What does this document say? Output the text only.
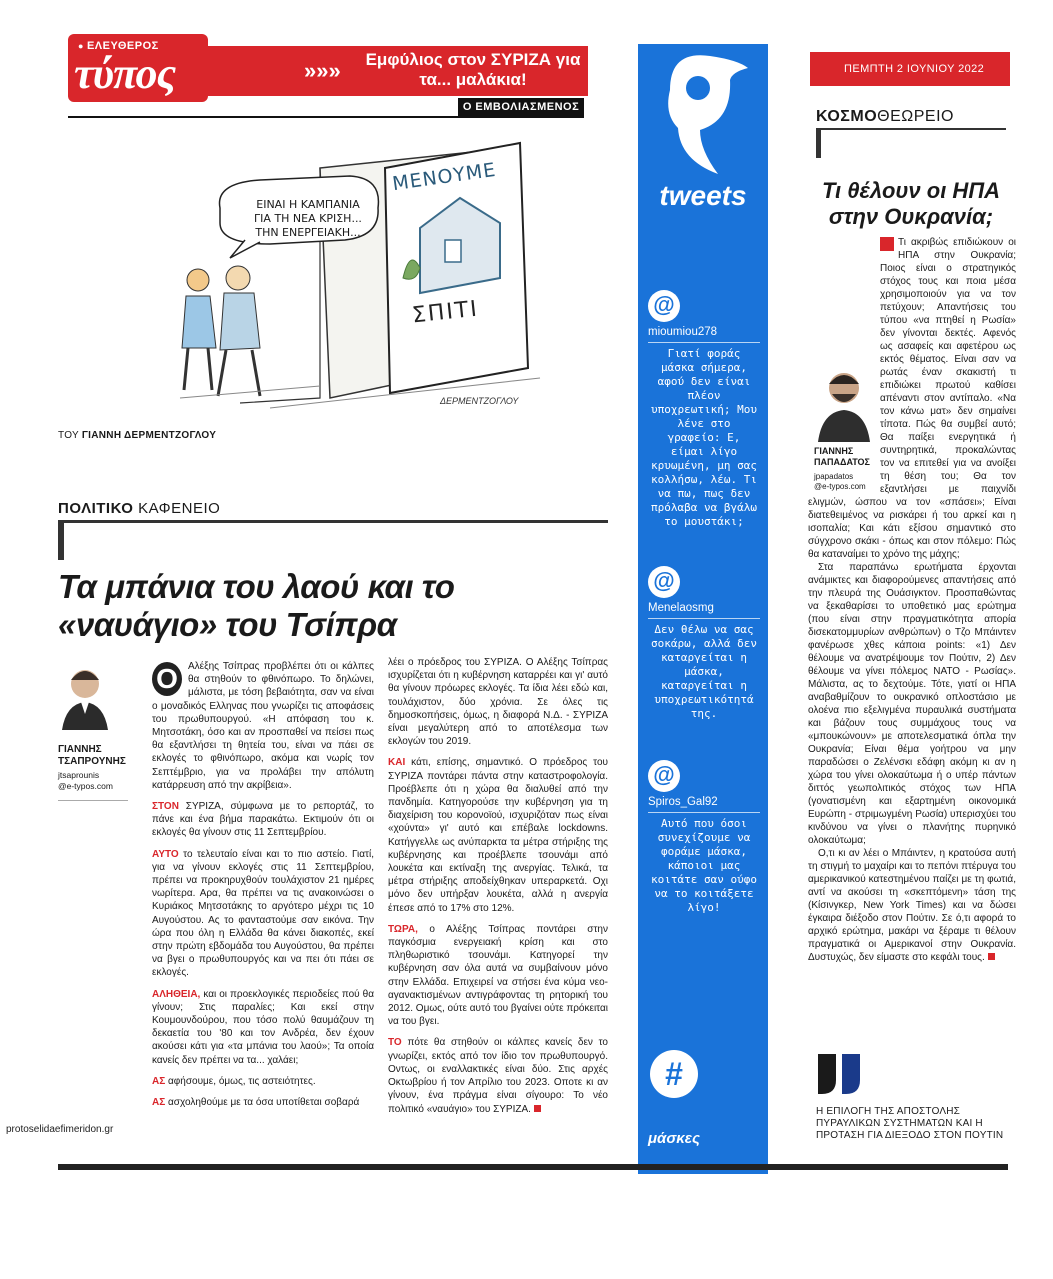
● ΕΛΕΥΘΕΡΟΣ
τύπος	»»»	Εμφύλιος στον ΣΥΡΙΖΑ για τα... μαλάκια!
Ο ΕΜΒΟΛΙΑΣΜΕΝΟΣ
ΕΙΝΑΙ Η ΚΑΜΠΑΝΙΑ
ΓΙΑ ΤΗ ΝΕΑ ΚΡΙΣΗ...
ΤΗΝ ΕΝΕΡΓΕΙΑΚΗ...
ΜΕΝΟΥΜΕ
ΣΠΙΤΙ
ΔΕΡΜΕΝΤΖΟΓΛΟΥ
ΤΟΥ ΓΙΑΝΝΗ ΔΕΡΜΕΝΤΖΟΓΛΟΥ
ΠΟΛΙΤΙΚΟ ΚΑΦΕΝΕΙΟ
Τα μπάνια του λαού και το «ναυάγιο» του Τσίπρα
ΓΙΑΝΝΗΣ
ΤΣΑΠΡΟΥΝΗΣ
jtsaprounis
@e-typos.com

Ο	Αλέξης Τσίπρας προβλέπει ότι οι κάλπες θα στηθούν το φθινόπωρο. Το δηλώνει, μάλιστα, με τόση βεβαιότητα, σαν να είναι ο μοναδικός Ελληνας που γνωρίζει τις αποφάσεις του πρωθυπουργού. «Η απόφαση του κ. Μητσοτάκη, όσο και αν προσπαθεί να πείσει πως θα εξαντλήσει τη θητεία του, είναι να πάει σε εκλογές το φθινόπωρο, ακόμα και νωρίς τον Σεπτέμβριο, για να προλάβει την απόλυτη κατάρρευση από την ακρίβεια».

ΣΤΟΝ ΣΥΡΙΖΑ, σύμφωνα με το ρεπορτάζ, το πάνε και ένα βήμα παρακάτω. Εκτιμούν ότι οι εκλογές θα γίνουν στις 11 Σεπτεμβρίου.

ΑΥΤΟ το τελευταίο είναι και το πιο αστείο. Γιατί, για να γίνουν εκλογές στις 11 Σεπτεμβρίου, πρέπει να προκηρυχθούν τουλάχιστον 21 ημέρες νωρίτερα. Αρα, θα πρέπει να τις ανακοινώσει ο Κυριάκος Μητσοτάκης το αργότερο μέχρι τις 10 Αυγούστου. Ας το φανταστούμε σαν εικόνα. Την ώρα που όλη η Ελλάδα θα κάνει διακοπές, εκεί στην πρώτη εβδομάδα του Αυγούστου, θα πρέπει να βγει ο πρωθυπουργός και να πει ότι πάει σε εκλογές.

ΑΛΗΘΕΙΑ, και οι προεκλογικές περιοδείες πού θα γίνουν; Στις παραλίες; Και εκεί στην Κουμουνδούρου, που τόσο πολύ θαυμάζουν τη δεκαετία του '80 και τον Ανδρέα, δεν έχουν ακούσει κάτι για «τα μπάνια του λαού»; Τα οποία κανείς δεν πρέπει να τα... χαλάει;

ΑΣ αφήσουμε, όμως, τις αστειότητες.

ΑΣ ασχοληθούμε με τα όσα υποτίθεται σοβαρά

λέει ο πρόεδρος του ΣΥΡΙΖΑ. Ο Αλέξης Τσίπρας ισχυρίζεται ότι η κυβέρνηση καταρρέει και γι' αυτό θα γίνουν πρόωρες εκλογές. Τα ίδια λέει εδώ και, τουλάχιστον, δύο χρόνια. Σε όλες τις δημοσκοπήσεις, όμως, η διαφορά Ν.Δ. - ΣΥΡΙΖΑ είναι μεγαλύτερη από το αποτέλεσμα των εκλογών του 2019.

ΚΑΙ κάτι, επίσης, σημαντικό. Ο πρόεδρος του ΣΥΡΙΖΑ ποντάρει πάντα στην καταστροφολογία. Προέβλεπε ότι η χώρα θα διαλυθεί από την πανδημία. Κατηγορούσε την κυβέρνηση για τη διαχείριση του κορονοϊού, ισχυριζόταν πως είναι «χούντα» γι' αυτό και επέβαλε lockdowns. Κατήγγελλε ως ανύπαρκτα τα μέτρα στήριξης της κυβέρνησης και προέβλεπε τσουνάμι από λουκέτα και εκτίναξη της ανεργίας. Τελικά, τα μέτρα στήριξης αποδείχθηκαν υπεραρκετά. Οχι μόνο δεν υπήρξαν λουκέτα, αλλά η ανεργία έπεσε από το 17% στο 12%.

ΤΩΡΑ, ο Αλέξης Τσίπρας ποντάρει στην παγκόσμια ενεργειακή κρίση και στο πληθωριστικό τσουνάμι. Κατηγορεί την κυβέρνηση σαν όλα αυτά να συμβαίνουν μόνο στην Ελλάδα. Επιχειρεί να στήσει ένα κύμα νεο-αγανακτισμένων αντιγράφοντας τη ρητορική του 2012. Ομως, ούτε αυτό του βγαίνει ούτε πρόκειται να του βγει.

ΤΟ πότε θα στηθούν οι κάλπες κανείς δεν το γνωρίζει, εκτός από τον ίδιο τον πρωθυπουργό. Οντως, οι εναλλακτικές είναι δύο. Στις αρχές Οκτωβρίου ή τον Απρίλιο του 2023. Οποτε κι αν γίνουν, ένα πράγμα είναι σίγουρο: Το νέο πολιτικό «ναυάγιο» του ΣΥΡΙΖΑ.

tweets
@
mioumiou278
Γιατί φοράς μάσκα σήμερα, αφού δεν είναι πλέον υποχρεωτική; Μου λένε στο γραφείο: Ε, είμαι λίγο κρυωμένη, μη σας κολλήσω, λέω. Τι να πω, πως δεν πρόλαβα να βγάλω το μουστάκι;
@
Menelaosmg
Δεν θέλω να σας σοκάρω, αλλά δεν καταργείται η μάσκα, καταργείται η υποχρεωτικότητά της.
@
Spiros_Gal92
Αυτό που όσοι συνεχίζουμε να φοράμε μάσκα, κάποιοι μας κοιτάτε σαν ούφο να το κοιτάξετε λίγο!
#
μάσκες
ΠΕΜΠΤΗ 2 ΙΟΥΝΙΟΥ 2022
ΚΟΣΜΟΘΕΩΡΕΙΟ
Τι θέλουν οι ΗΠΑ στην Ουκρανία;
ΓΙΑΝΝΗΣ
ΠΑΠΑΔΑΤΟΣ
jpapadatos
@e-typos.com

Τι ακριβώς επιδιώκουν οι ΗΠΑ στην Ουκρανία; Ποιος είναι ο στρατηγικός στόχος τους και ποια μέσα χρησιμοποιούν για να τον πετύχουν; Απαντήσεις του τύπου «να πτηθεί η Ρωσία» δεν γίνονται δεκτές. Αφενός ως ασαφείς και αφετέρου ως εκτός θέματος. Είναι σαν να ρωτάς έναν σκακιστή τι επιδιώκει πρωτού καθίσει απέναντι στον αντίπαλο. «Να τον κάνω ματ» δεν σημαίνει τίποτα. Πώς θα συμβεί αυτό; Θα παίξει ενεργητικά ή συντηρητικά, προκαλώντας τον να επιτεθεί για να ανοίξει τη θέση του; Θα τον εξαντλήσει με παιχνίδι ελιγμών, ώσπου να τον «σπάσει»; Είναι διατεθειμένος να ρισκάρει ή του αρκεί και η ισοπαλία; Και κάτι εξίσου σημαντικό στο σύγχρονο σκάκι - όπως και στον πόλεμο: Πώς θα καταναίμει το χρόνο της μάχης;

Στα παραπάνω ερωτήματα έρχονται ανάμικτες και διαφορούμενες απαντήσεις από την πλευρά της Ουάσιγκτον. Προσπαθώντας να ξεκαθαρίσει το υποθετικό μας ερώτημα (που είναι στην πραγματικότητα απορία δισεκατομμυρίων ανθρώπων) ο Τζο Μπάιντεν φανέρωσε χθες κάποια points: «1) Δεν θέλουμε να ανατρέψουμε τον Πούτιν, 2) Δεν θέλουμε να γίνει πόλεμος ΝΑΤΟ - Ρωσίας». Μάλιστα, ας το δεχτούμε. Τότε, γιατί οι ΗΠΑ αναβαθμίζουν το ουκρανικό οπλοστάσιο με ολοένα πιο εξελιγμένα πυραυλικά συστήματα και βάζουν τους συμμάχους τους να «μπουκώνουν» με αποτελεσματικά όπλα την Ουκρανία; Είναι θέμα γοήτρου να μην παραδώσει ο Ζελένσκι εδάφη ακόμη κι αν η χώρα του γίνει ολοκαύτωμα ή ο υπέρ πάντων διττός γεωπολιτικός στόχος των ΗΠΑ (γονατισμένη και εξαρτημένη οικονομικά Ευρώπη - στριμωγμένη Ρωσία) υπερισχύει του κινδύνου να γίνει ο πλανήτης πυρηνικό ολοκαύτωμα;

Ο,τι κι αν λέει ο Μπάιντεν, η κρατούσα αυτή τη στιγμή το μαχαίρι και το πεπόνι πτέρυγα του αμερικανικού κατεστημένου παίζει με τη φωτιά, αντί να ακούσει τη «σκεπτόμενη» τάση της (Κίσινγκερ, New York Times) και να δώσει έγκαιρα διέξοδο στον Πούτιν. Σε ό,τι αφορά το αρχικό ερώτημα, μακάρι να ξέραμε τι θέλουν πραγματικά οι Αμερικανοί στην Ουκρανία. Δυστυχώς, δεν είμαστε στο κεφάλι τους.

Η ΕΠΙΛΟΓΗ ΤΗΣ ΑΠΟΣΤΟΛΗΣ ΠΥΡΑΥΛΙΚΩΝ ΣΥΣΤΗΜΑΤΩΝ ΚΑΙ Η ΠΡΟΤΑΣΗ ΓΙΑ ΔΙΕΞΟΔΟ ΣΤΟΝ ΠΟΥΤΙΝ
protoselidaefimeridon.gr
